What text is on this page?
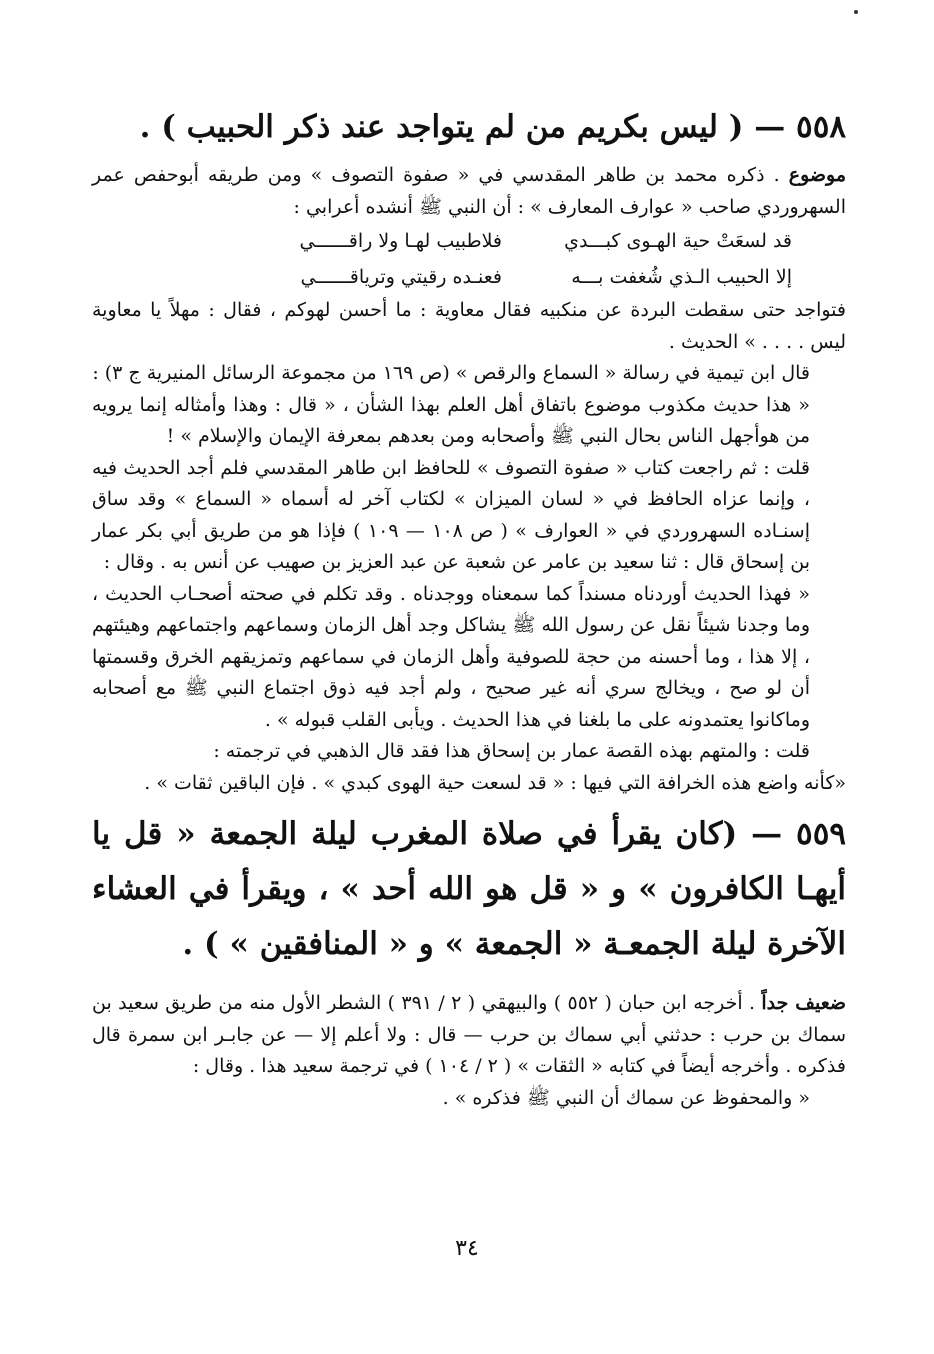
٥٥٨ — ( ليس بكريم من لم يتواجد عند ذكر الحبيب ) .

موضوع . ذكره محمد بن طاهر المقدسي في « صفوة التصوف » ومن طريقه أبوحفص عمر السهروردي صاحب « عوارف المعارف » : أن النبي ﷺ أنشده أعرابي :

قد لسعَتْ حية الهـوى كبـــدي
فلاطبيب لهـا ولا راقــــــي
إلا الحبيب الـذي شُغفت بـــه
فعنـده رقيتي وترياقــــــي

فتواجد حتى سقطت البردة عن منكبيه فقال معاوية : ما أحسن لهوكم ، فقال : مهلاً يا معاوية ليس . . . . » الحديث .

قال ابن تيمية في رسالة « السماع والرقص » (ص ١٦٩ من مجموعة الرسائل المنيرية ج ٣) :

« هذا حديث مكذوب موضوع باتفاق أهل العلم بهذا الشأن ، « قال : وهذا وأمثاله إنما يرويه من هوأجهل الناس بحال النبي ﷺ وأصحابه ومن بعدهم بمعرفة الإيمان والإسلام » !

قلت : ثم راجعت كتاب « صفوة التصوف » للحافظ ابن طاهر المقدسي فلم أجد الحديث فيه ، وإنما عزاه الحافظ في « لسان الميزان » لكتاب آخر له أسماه « السماع » وقد ساق إسنـاده السهروردي في « العوارف » ( ص ١٠٨ — ١٠٩ ) فإذا هو من طريق أبي بكر عمار بن إسحاق قال : ثنا سعيد بن عامر عن شعبة عن عبد العزيز بن صهيب عن أنس به . وقال :

« فهذا الحديث أوردناه مسنداً كما سمعناه ووجدناه . وقد تكلم في صحته أصحـاب الحديث ، وما وجدنا شيئاً نقل عن رسول الله ﷺ يشاكل وجد أهل الزمان وسماعهم واجتماعهم وهيئتهم ، إلا هذا ، وما أحسنه من حجة للصوفية وأهل الزمان في سماعهم وتمزيقهم الخرق وقسمتها أن لو صح ، ويخالج سري أنه غير صحيح ، ولم أجد فيه ذوق اجتماع النبي ﷺ مع أصحابه وماكانوا يعتمدونه على ما بلغنا في هذا الحديث . ويأبى القلب قبوله » .

قلت : والمتهم بهذه القصة عمار بن إسحاق هذا فقد قال الذهبي في ترجمته :

«كأنه واضع هذه الخرافة التي فيها : « قد لسعت حية الهوى كبدي » . فإن الباقين ثقات » .

٥٥٩ — (كان يقرأ في صلاة المغرب ليلة الجمعة « قل يا أيهـا الكافرون » و « قل هو الله أحد » ، ويقرأ في العشاء الآخرة ليلة الجمعـة « الجمعة » و « المنافقين » ) .

ضعيف جداً . أخرجه ابن حبان ( ٥٥٢ ) والبيهقي ( ٢ / ٣٩١ ) الشطر الأول منه من طريق سعيد بن سماك بن حرب : حدثني أبي سماك بن حرب — قال : ولا أعلم إلا — عن جابـر ابن سمرة قال فذكره . وأخرجه أيضاً في كتابه « الثقات » ( ٢ / ١٠٤ ) في ترجمة سعيد هذا . وقال :

« والمحفوظ عن سماك أن النبي ﷺ فذكره » .

٣٤
